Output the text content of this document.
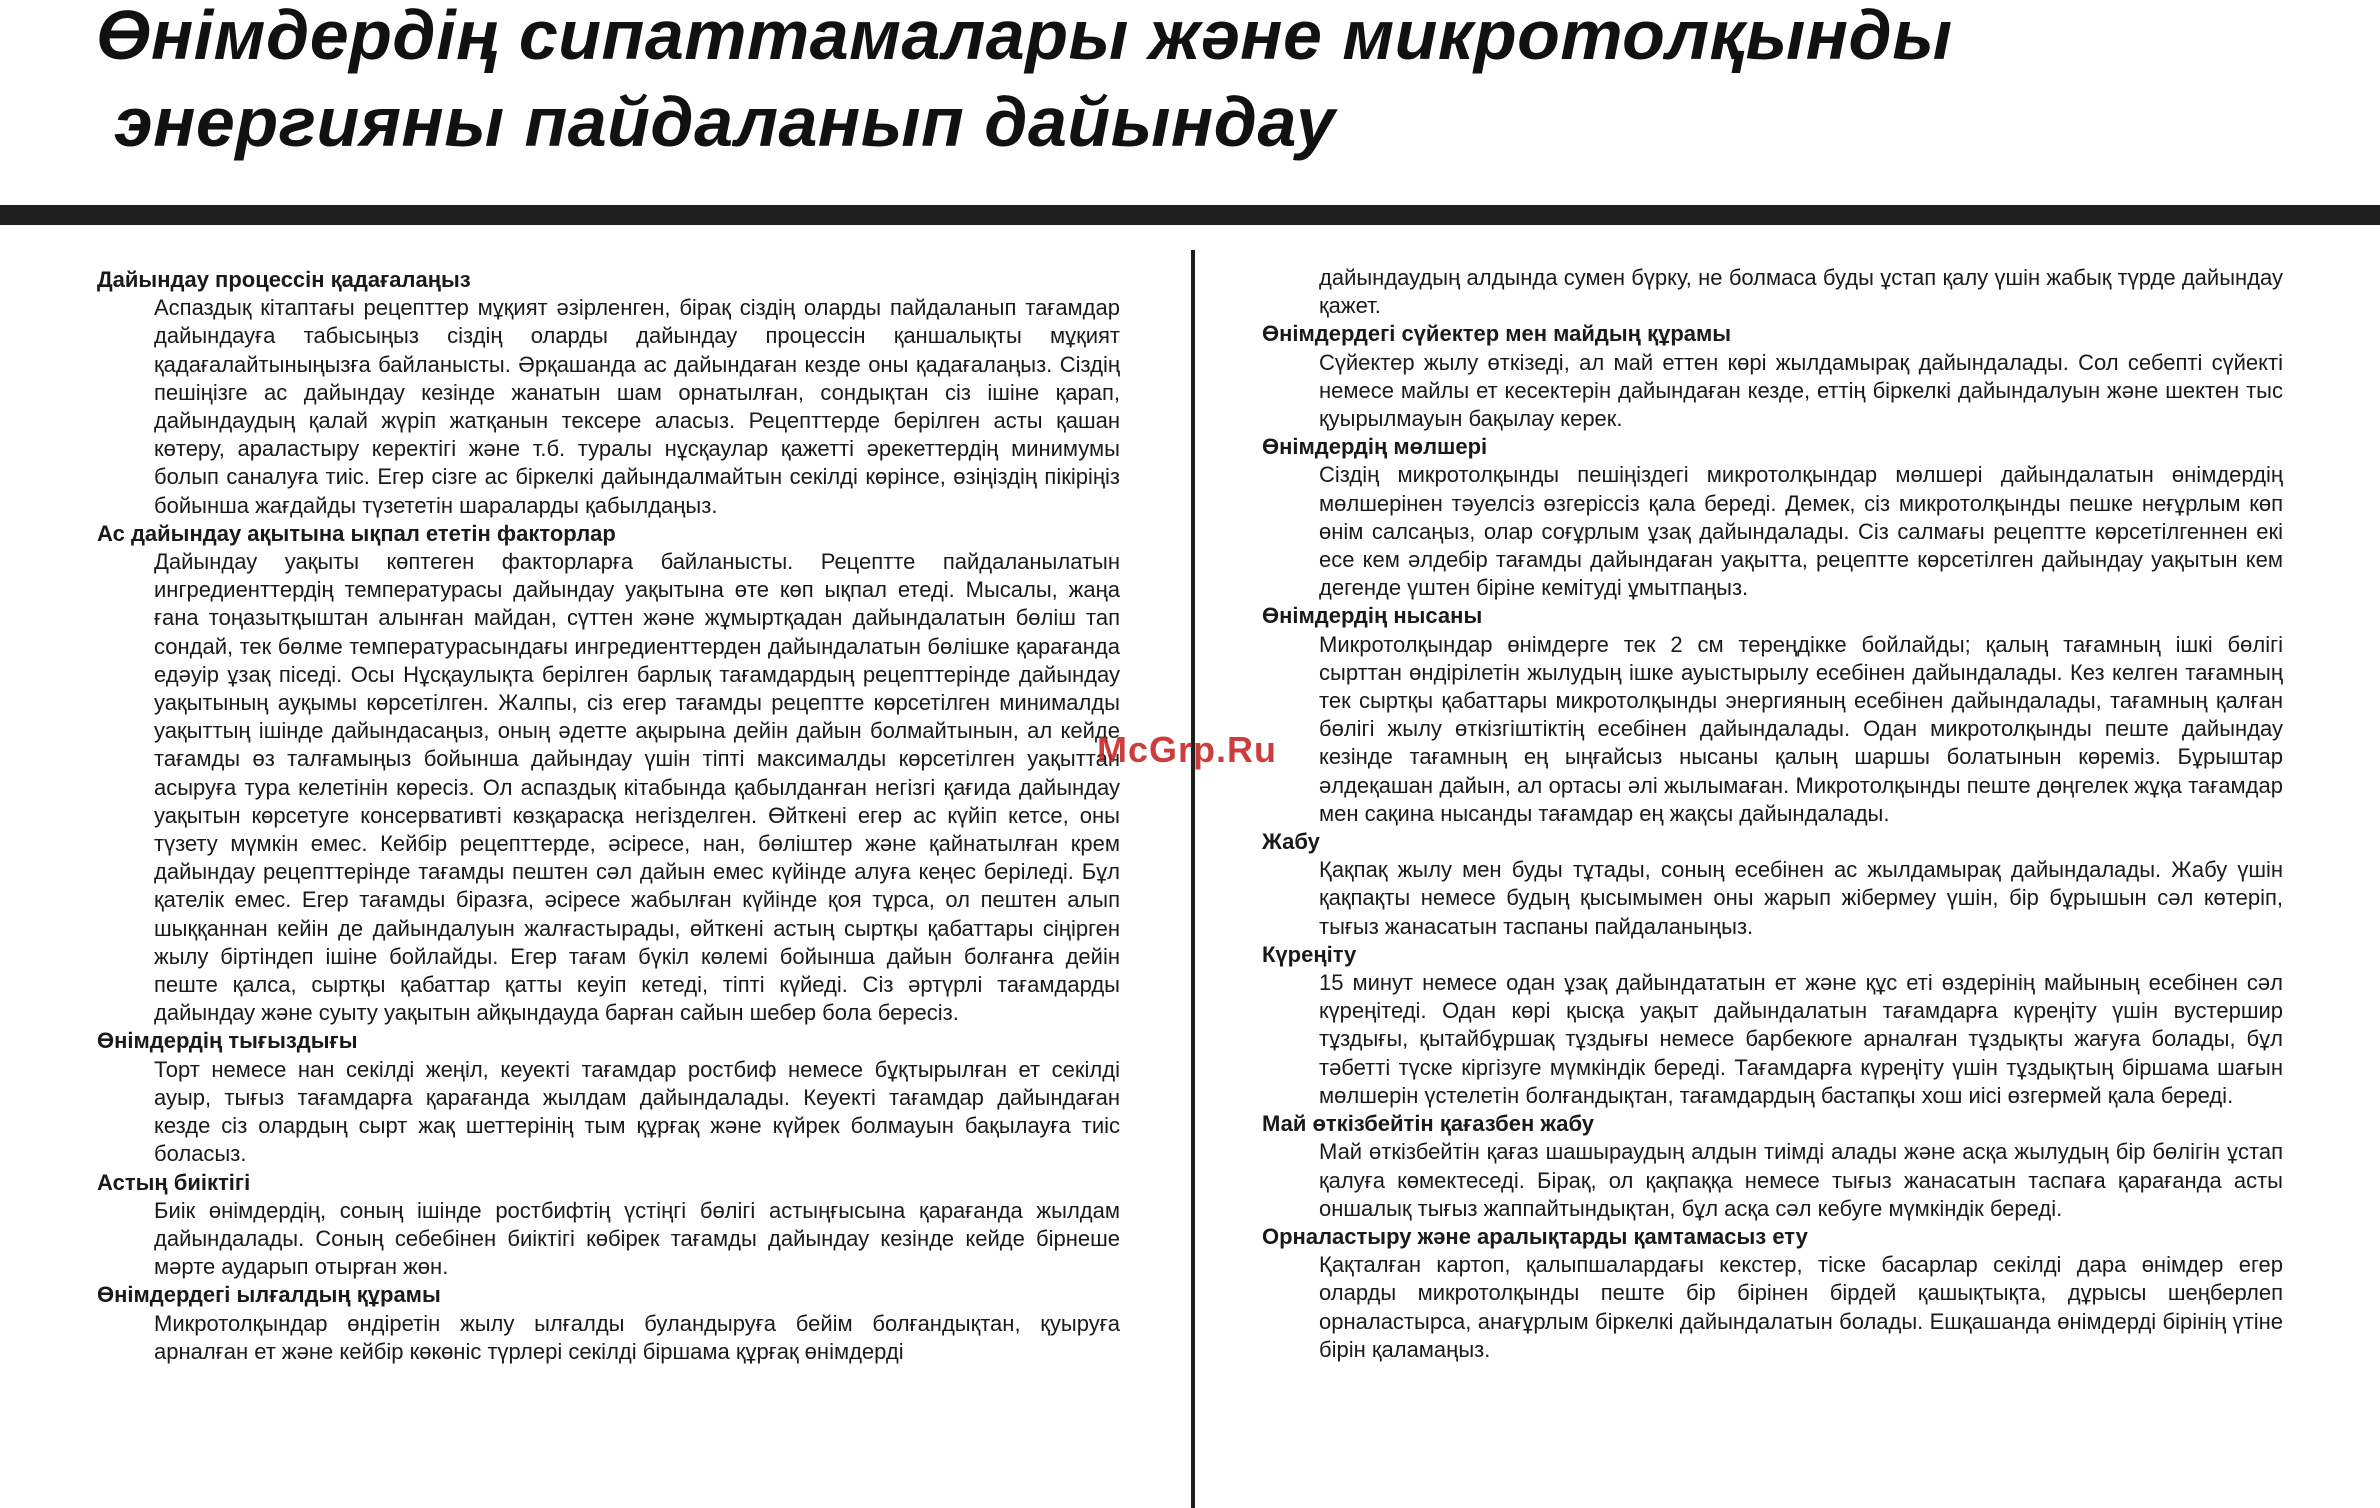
Өнімдердің сипаттамалары және микротолқынды
энергияны пайдаланып дайындау
Дайындау процессін қадағалаңыз

Аспаздық кітаптағы рецепттер мұқият әзірленген, бірақ сіздің оларды пайдаланып тағамдар дайындауға табысыңыз сіздің оларды дайындау процессін қаншалықты мұқият қадағалайтыныңызға байланысты. Әрқашанда ас дайындаған кезде оны қадағалаңыз. Сіздің пешіңізге ас дайындау кезінде жанатын шам орнатылған, сондықтан сіз ішіне қарап, дайындаудың қалай жүріп жатқанын тексере аласыз. Рецепттерде берілген асты қашан көтеру, араластыру керектігі және т.б. туралы нұсқаулар қажетті әрекеттердің минимумы болып саналуға тиіс. Егер сізге ас біркелкі дайындалмайтын секілді көрінсе, өзіңіздің пікіріңіз бойынша жағдайды түзететін шараларды қабылдаңыз.

Ас дайындау ақытына ықпал ететін факторлар

Дайындау уақыты көптеген факторларға байланысты. Рецептте пайдаланылатын ингредиенттердің температурасы дайындау уақытына өте көп ықпал етеді. Мысалы, жаңа ғана тоңазытқыштан алынған майдан, сүттен және жұмыртқадан дайындалатын бөліш тап сондай, тек бөлме температурасындағы ингредиенттерден дайындалатын бөлішке қарағанда едәуір ұзақ піседі. Осы Нұсқаулықта берілген барлық тағамдардың рецепттерінде дайындау уақытының ауқымы көрсетілген. Жалпы, сіз егер тағамды рецептте көрсетілген минималды уақыттың ішінде дайындасаңыз, оның әдетте ақырына дейін дайын болмайтынын, ал кейде тағамды өз талғамыңыз бойынша дайындау үшін тіпті максималды көрсетілген уақыттан асыруға тура келетінін көресіз. Ол аспаздық кітабында қабылданған негізгі қағида дайындау уақытын көрсетуге консервативті көзқарасқа негізделген. Өйткені егер ас күйіп кетсе, оны түзету мүмкін емес. Кейбір рецепттерде, әсіресе, нан, бөліштер және қайнатылған крем дайындау рецепттерінде тағамды пештен сәл дайын емес күйінде алуға кеңес беріледі. Бұл қателік емес. Егер тағамды біразға, әсіресе жабылған күйінде қоя тұрса, ол пештен алып шыққаннан кейін де дайындалуын жалғастырады, өйткені астың сыртқы қабаттары сіңірген жылу біртіндеп ішіне бойлайды. Егер тағам бүкіл көлемі бойынша дайын болғанға дейін пеште қалса, сыртқы қабаттар қатты кеуіп кетеді, тіпті күйеді. Сіз әртүрлі тағамдарды дайындау және суыту уақытын айқындауда барған сайын шебер бола бересіз.

Өнімдердің тығыздығы

Торт немесе нан секілді жеңіл, кеуекті тағамдар ростбиф немесе бұқтырылған ет секілді ауыр, тығыз тағамдарға қарағанда жылдам дайындалады. Кеуекті тағамдар дайындаған кезде сіз олардың сырт жақ шеттерінің тым құрғақ және күйрек болмауын бақылауға тиіс боласыз.

Астың биіктігі

Биік өнімдердің, соның ішінде ростбифтің үстіңгі бөлігі астыңғысына қарағанда жылдам дайындалады. Соның себебінен биіктігі көбірек тағамды дайындау кезінде кейде бірнеше мәрте аударып отырған жөн.

Өнімдердегі ылғалдың құрамы

Микротолқындар өндіретін жылу ылғалды буландыруға бейім болғандықтан, қуыруға арналған ет және кейбір көкөніс түрлері секілді біршама құрғақ өнімдерді

дайындаудың алдында сумен бүрку, не болмаса буды ұстап қалу үшін жабық түрде дайындау қажет.

Өнімдердегі сүйектер мен майдың құрамы

Сүйектер жылу өткізеді, ал май еттен көрі жылдамырақ дайындалады. Сол себепті сүйекті немесе майлы ет кесектерін дайындаған кезде, еттің біркелкі дайындалуын және шектен тыс қуырылмауын бақылау керек.

Өнімдердің мөлшері

Сіздің микротолқынды пешіңіздегі микротолқындар мөлшері дайындалатын өнімдердің мөлшерінен тәуелсіз өзгеріссіз қала береді. Демек, сіз микротолқынды пешке неғұрлым көп өнім салсаңыз, олар соғұрлым ұзақ дайындалады. Сіз салмағы рецептте көрсетілгеннен екі есе кем әлдебір тағамды дайындаған уақытта, рецептте көрсетілген дайындау уақытын кем дегенде үштен біріне кемітуді ұмытпаңыз.

Өнімдердің нысаны

Микротолқындар өнімдерге тек 2 см тереңдікке бойлайды; қалың тағамның ішкі бөлігі сырттан өндірілетін жылудың ішке ауыстырылу есебінен дайындалады. Кез келген тағамның тек сыртқы қабаттары микротолқынды энергияның есебінен дайындалады, тағамның қалған бөлігі жылу өткізгіштіктің есебінен дайындалады. Одан микротолқынды пеште дайындау кезінде тағамның ең ыңғайсыз нысаны қалың шаршы болатынын көреміз. Бұрыштар әлдеқашан дайын, ал ортасы әлі жылымаған. Микротолқынды пеште дөңгелек жұқа тағамдар мен сақина нысанды тағамдар ең жақсы дайындалады.

Жабу

Қақпақ жылу мен буды тұтады, соның есебінен ас жылдамырақ дайындалады. Жабу үшін қақпақты немесе будың қысымымен оны жарып жібермеу үшін, бір бұрышын сәл көтеріп, тығыз жанасатын таспаны пайдаланыңыз.

Күреңіту

15 минут немесе одан ұзақ дайындататын ет және құс еті өздерінің майының есебінен сәл күреңітеді. Одан көрі қысқа уақыт дайындалатын тағамдарға күреңіту үшін вустершир тұздығы, қытайбұршақ тұздығы немесе барбекюге арналған тұздықты жағуға болады, бұл тәбетті түске кіргізуге мүмкіндік береді. Тағамдарға күреңіту үшін тұздықтың біршама шағын мөлшерін үстелетін болғандықтан, тағамдардың бастапқы хош иісі өзгермей қала береді.

Май өткізбейтін қағазбен жабу

Май өткізбейтін қағаз шашыраудың алдын тиімді алады және асқа жылудың бір бөлігін ұстап қалуға көмектеседі. Бірақ, ол қақпаққа немесе тығыз жанасатын таспаға қарағанда асты оншалық тығыз жаппайтындықтан, бұл асқа сәл кебуге мүмкіндік береді.

Орналастыру және аралықтарды қамтамасыз ету

Қақталған картоп, қалыпшалардағы кекстер, тіске басарлар секілді дара өнімдер егер оларды микротолқынды пеште бір бірінен бірдей қашықтықта, дұрысы шеңберлеп орналастырса, анағұрлым біркелкі дайындалатын болады. Ешқашанда өнімдерді бірінің үтіне бірін қаламаңыз.

McGrp.Ru
